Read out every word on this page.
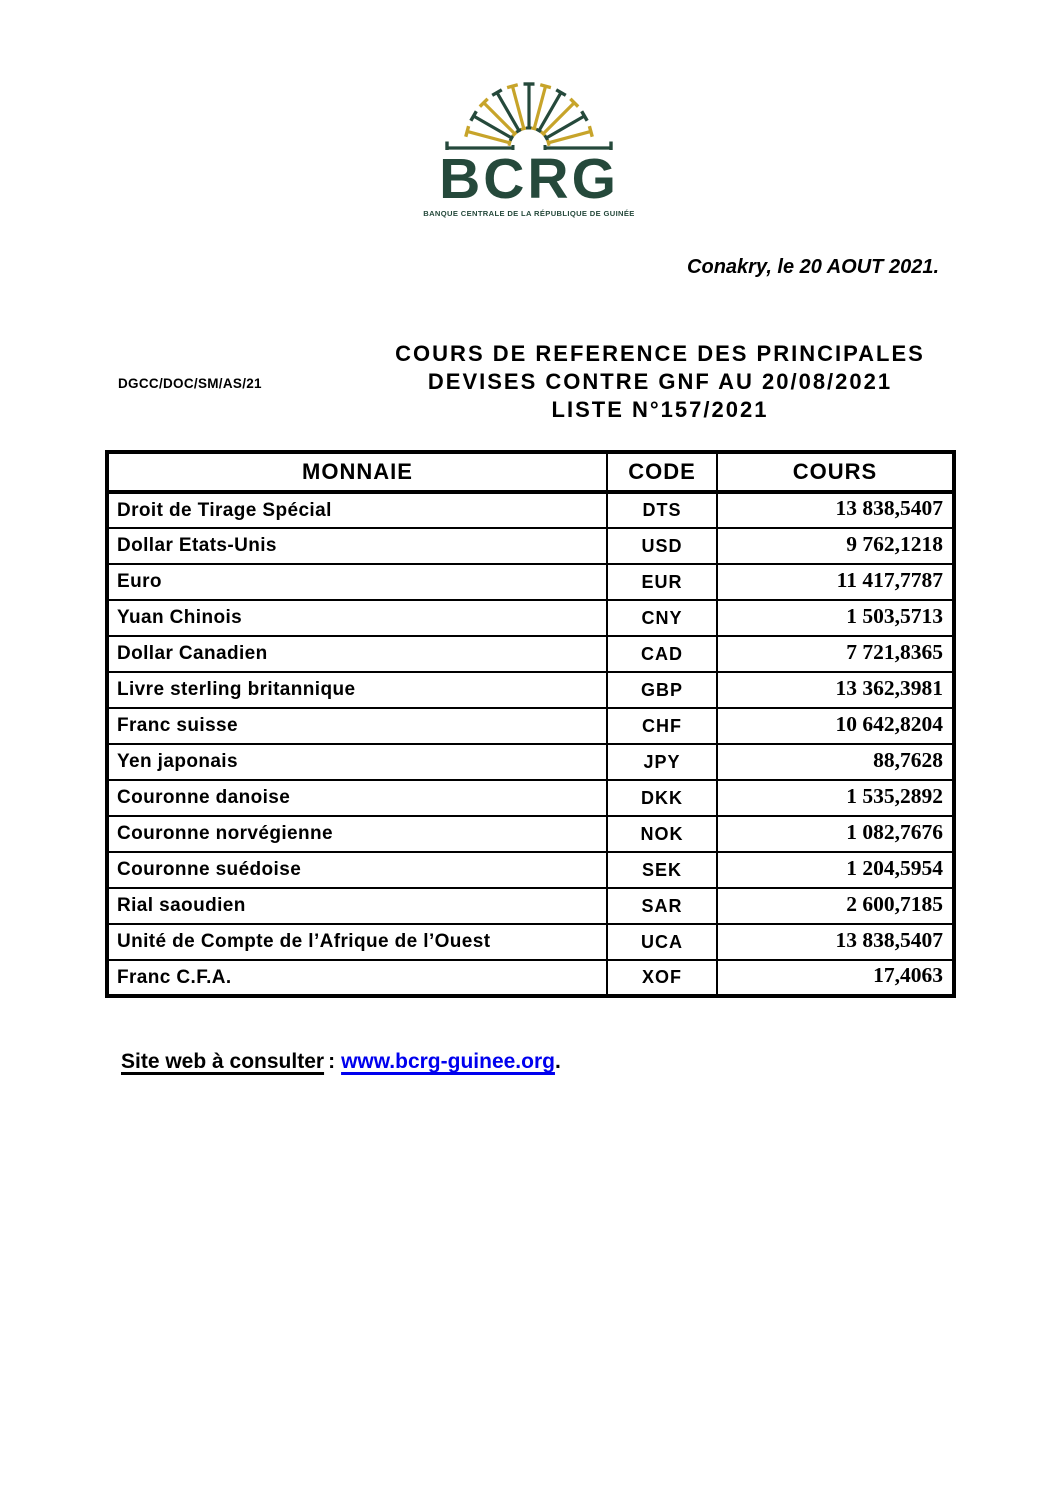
BCRG
BANQUE CENTRALE DE LA RÉPUBLIQUE DE GUINÉE
Conakry, le 20 AOUT 2021.
DGCC/DOC/SM/AS/21
COURS DE REFERENCE DES PRINCIPALES
DEVISES CONTRE GNF AU 20/08/2021
LISTE N°157/2021
MONNAIE	CODE	COURS
Droit de Tirage Spécial	DTS	13 838,5407
Dollar Etats-Unis	USD	9 762,1218
Euro	EUR	11 417,7787
Yuan Chinois	CNY	1 503,5713
Dollar Canadien	CAD	7 721,8365
Livre sterling britannique	GBP	13 362,3981
Franc suisse	CHF	10 642,8204
Yen japonais	JPY	88,7628
Couronne danoise	DKK	1 535,2892
Couronne norvégienne	NOK	1 082,7676
Couronne suédoise	SEK	1 204,5954
Rial saoudien	SAR	2 600,7185
Unité de Compte de l’Afrique de l’Ouest	UCA	13 838,5407
Franc C.F.A.	XOF	17,4063
Site web à consulter : www.bcrg-guinee.org.
